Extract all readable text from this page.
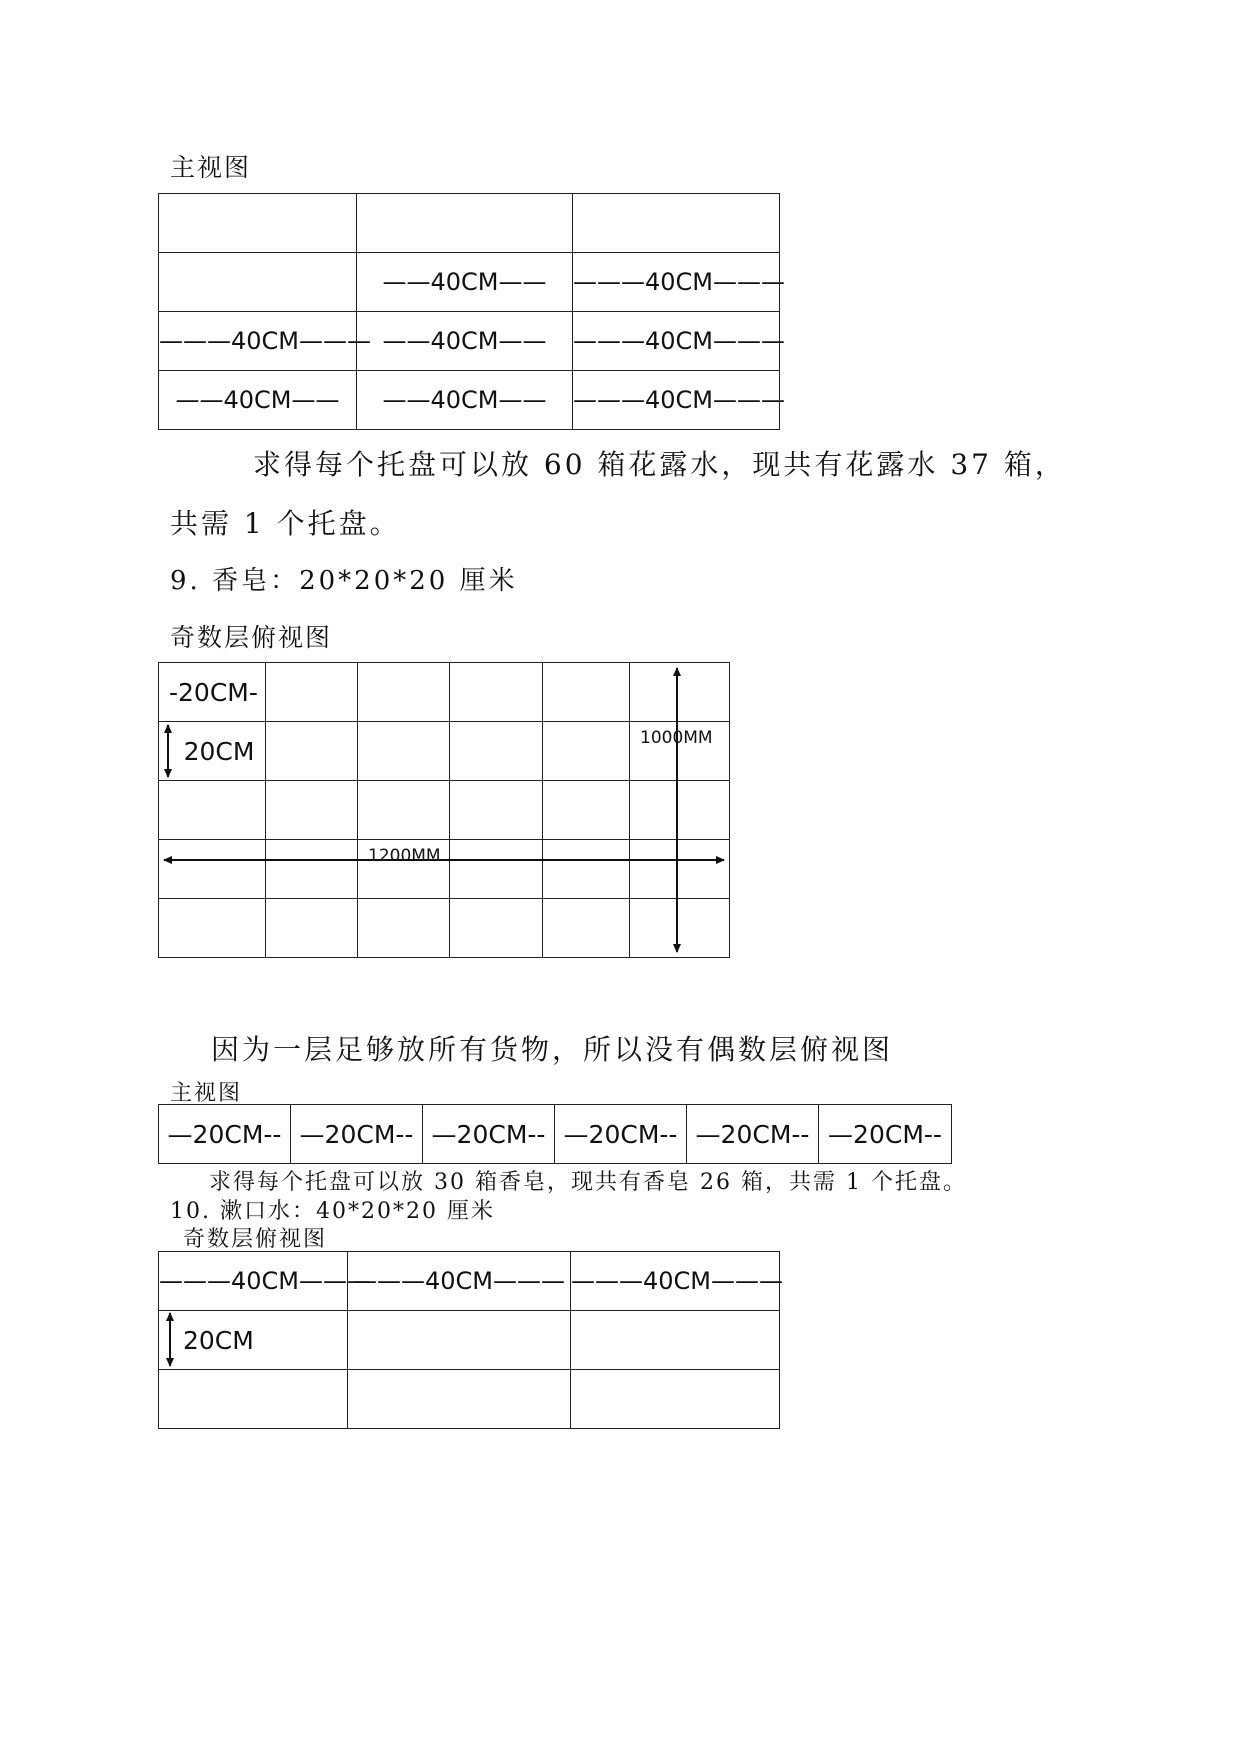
主视图

	——40CM——	———40CM———
———40CM———	——40CM——	———40CM———
——40CM——	——40CM——	———40CM———
求得每个托盘可以放 60 箱花露水，现共有花露水 37 箱，
共需 1 个托盘。
9. 香皂：20*20*20 厘米
奇数层俯视图
-20CM-					
20CM					

						1000MM
1200MM
因为一层足够放所有货物，所以没有偶数层俯视图
主视图
—20CM--	—20CM--	—20CM--	—20CM--	—20CM--	—20CM--
求得每个托盘可以放 30 箱香皂，现共有香皂 26 箱，共需 1 个托盘。
10. 漱口水：40*20*20 厘米
奇数层俯视图
———40CM———	———40CM———	———40CM———
20CM		
